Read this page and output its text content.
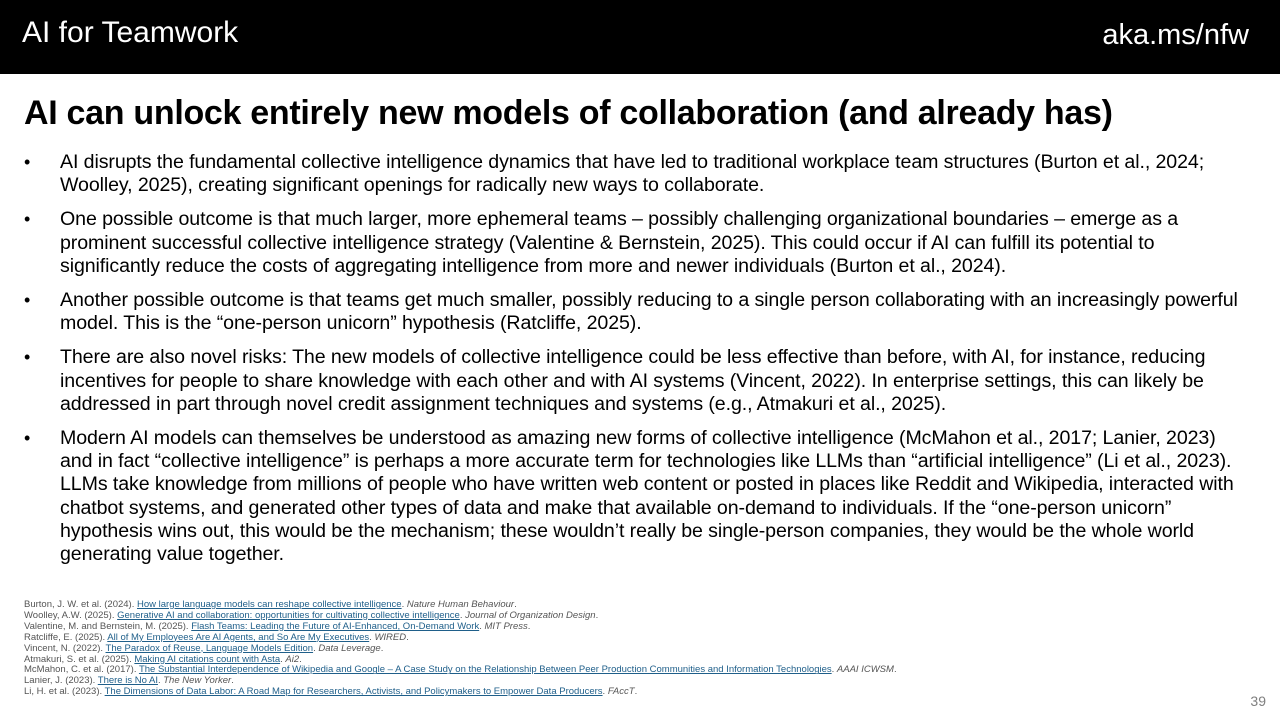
AI for Teamwork	aka.ms/nfw
AI can unlock entirely new models of collaboration (and already has)
• AI disrupts the fundamental collective intelligence dynamics that have led to traditional workplace team structures (Burton et al., 2024; Woolley, 2025), creating significant openings for radically new ways to collaborate.
• One possible outcome is that much larger, more ephemeral teams – possibly challenging organizational boundaries – emerge as a prominent successful collective intelligence strategy (Valentine & Bernstein, 2025). This could occur if AI can fulfill its potential to significantly reduce the costs of aggregating intelligence from more and newer individuals (Burton et al., 2024).
• Another possible outcome is that teams get much smaller, possibly reducing to a single person collaborating with an increasingly powerful model. This is the “one-person unicorn” hypothesis (Ratcliffe, 2025).
• There are also novel risks: The new models of collective intelligence could be less effective than before, with AI, for instance, reducing incentives for people to share knowledge with each other and with AI systems (Vincent, 2022). In enterprise settings, this can likely be addressed in part through novel credit assignment techniques and systems (e.g., Atmakuri et al., 2025).
• Modern AI models can themselves be understood as amazing new forms of collective intelligence (McMahon et al., 2017; Lanier, 2023) and in fact “collective intelligence” is perhaps a more accurate term for technologies like LLMs than “artificial intelligence” (Li et al., 2023). LLMs take knowledge from millions of people who have written web content or posted in places like Reddit and Wikipedia, interacted with chatbot systems, and generated other types of data and make that available on-demand to individuals. If the “one-person unicorn” hypothesis wins out, this would be the mechanism; these wouldn’t really be single-person companies, they would be the whole world generating value together.
Burton, J. W. et al. (2024). How large language models can reshape collective intelligence. Nature Human Behaviour.
Woolley, A.W. (2025). Generative AI and collaboration: opportunities for cultivating collective intelligence. Journal of Organization Design.
Valentine, M. and Bernstein, M. (2025). Flash Teams: Leading the Future of AI-Enhanced, On-Demand Work. MIT Press.
Ratcliffe, E. (2025). All of My Employees Are AI Agents, and So Are My Executives. WIRED.
Vincent, N. (2022). The Paradox of Reuse, Language Models Edition. Data Leverage.
Atmakuri, S. et al. (2025). Making AI citations count with Asta. Ai2.
McMahon, C. et al. (2017). The Substantial Interdependence of Wikipedia and Google – A Case Study on the Relationship Between Peer Production Communities and Information Technologies. AAAI ICWSM.
Lanier, J. (2023). There is No AI. The New Yorker.
Li, H. et al. (2023). The Dimensions of Data Labor: A Road Map for Researchers, Activists, and Policymakers to Empower Data Producers. FAccT.
39
